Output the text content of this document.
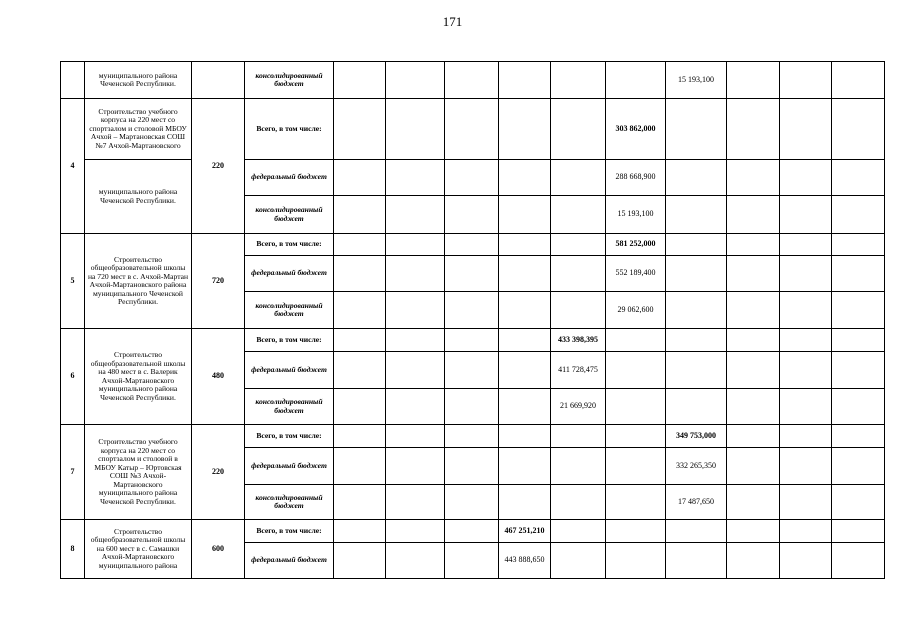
171
	муниципального района Чеченской Республики.		консолидированный бюджет							15 193,100			
4	Строительство учебного корпуса на 220 мест со спортзалом и столовой МБОУ Ачхой – Мартановская СОШ №7 Ачхой-Мартановского	220	Всего, в том числе:						303 862,000				
	муниципального района Чеченской Республики.		федеральный бюджет						288 668,900				
			консолидированный бюджет						15 193,100				
5	Строительство общеобразовательной школы на 720 мест в с. Ачхой-Мартан Ачхой-Мартановского района муниципального Чеченской Республики.	720	Всего, в том числе:						581 252,000				
			федеральный бюджет						552 189,400				
			консолидированный бюджет						29 062,600				
6	Строительство общеобразовательной школы на 480 мест в с. Валерик Ачхой-Мартановского муниципального района Чеченской Республики.	480	Всего, в том числе:					433 398,395					
			федеральный бюджет					411 728,475					
			консолидированный бюджет					21 669,920					
7	Строительство учебного корпуса на 220 мест со спортзалом и столовой в МБОУ Катыр – Юртовская СОШ №3 Ачхой-Мартановского муниципального района Чеченской Республики.	220	Всего, в том числе:							349 753,000			
			федеральный бюджет							332 265,350			
			консолидированный бюджет							17 487,650			
8	Строительство общеобразовательной школы на 600 мест в с. Самашки Ачхой-Мартановского муниципального района	600	Всего, в том числе:				467 251,210						
			федеральный бюджет				443 888,650						
